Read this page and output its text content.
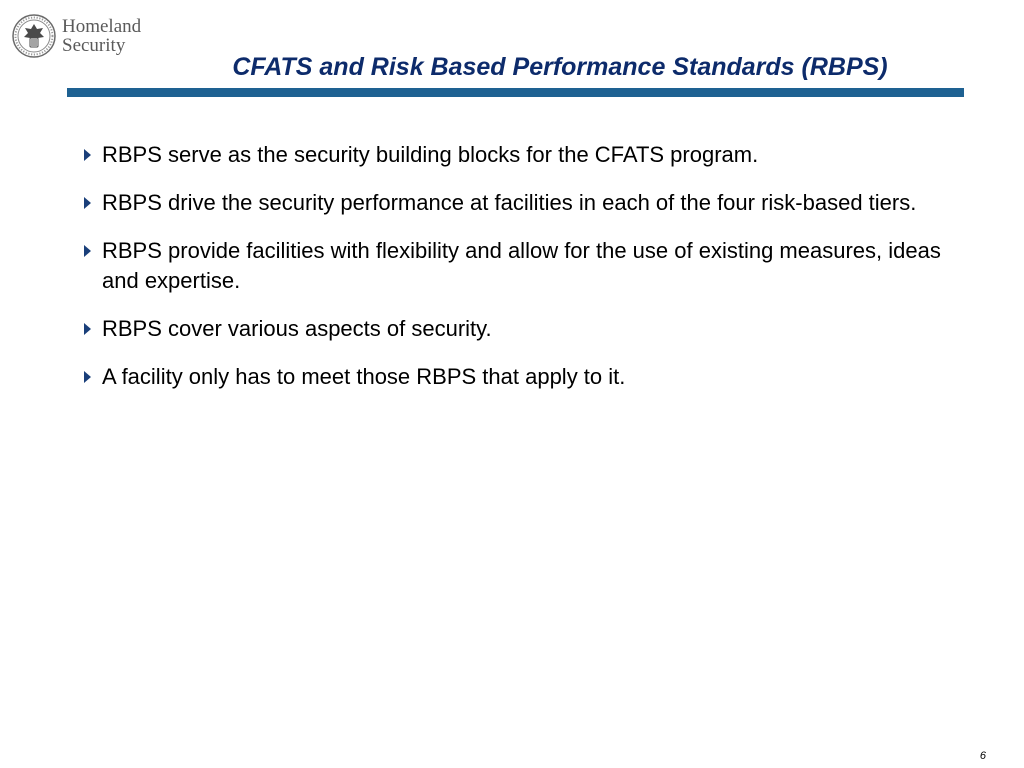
Homeland
Security
CFATS and Risk Based Performance Standards (RBPS)
RBPS serve as the security building blocks for the CFATS program.
RBPS drive the security performance at facilities in each of the four risk-based tiers.
RBPS provide facilities with flexibility and allow for the use of existing measures, ideas and expertise.
RBPS cover various aspects of security.
A facility only has to meet those RBPS that apply to it.
6
